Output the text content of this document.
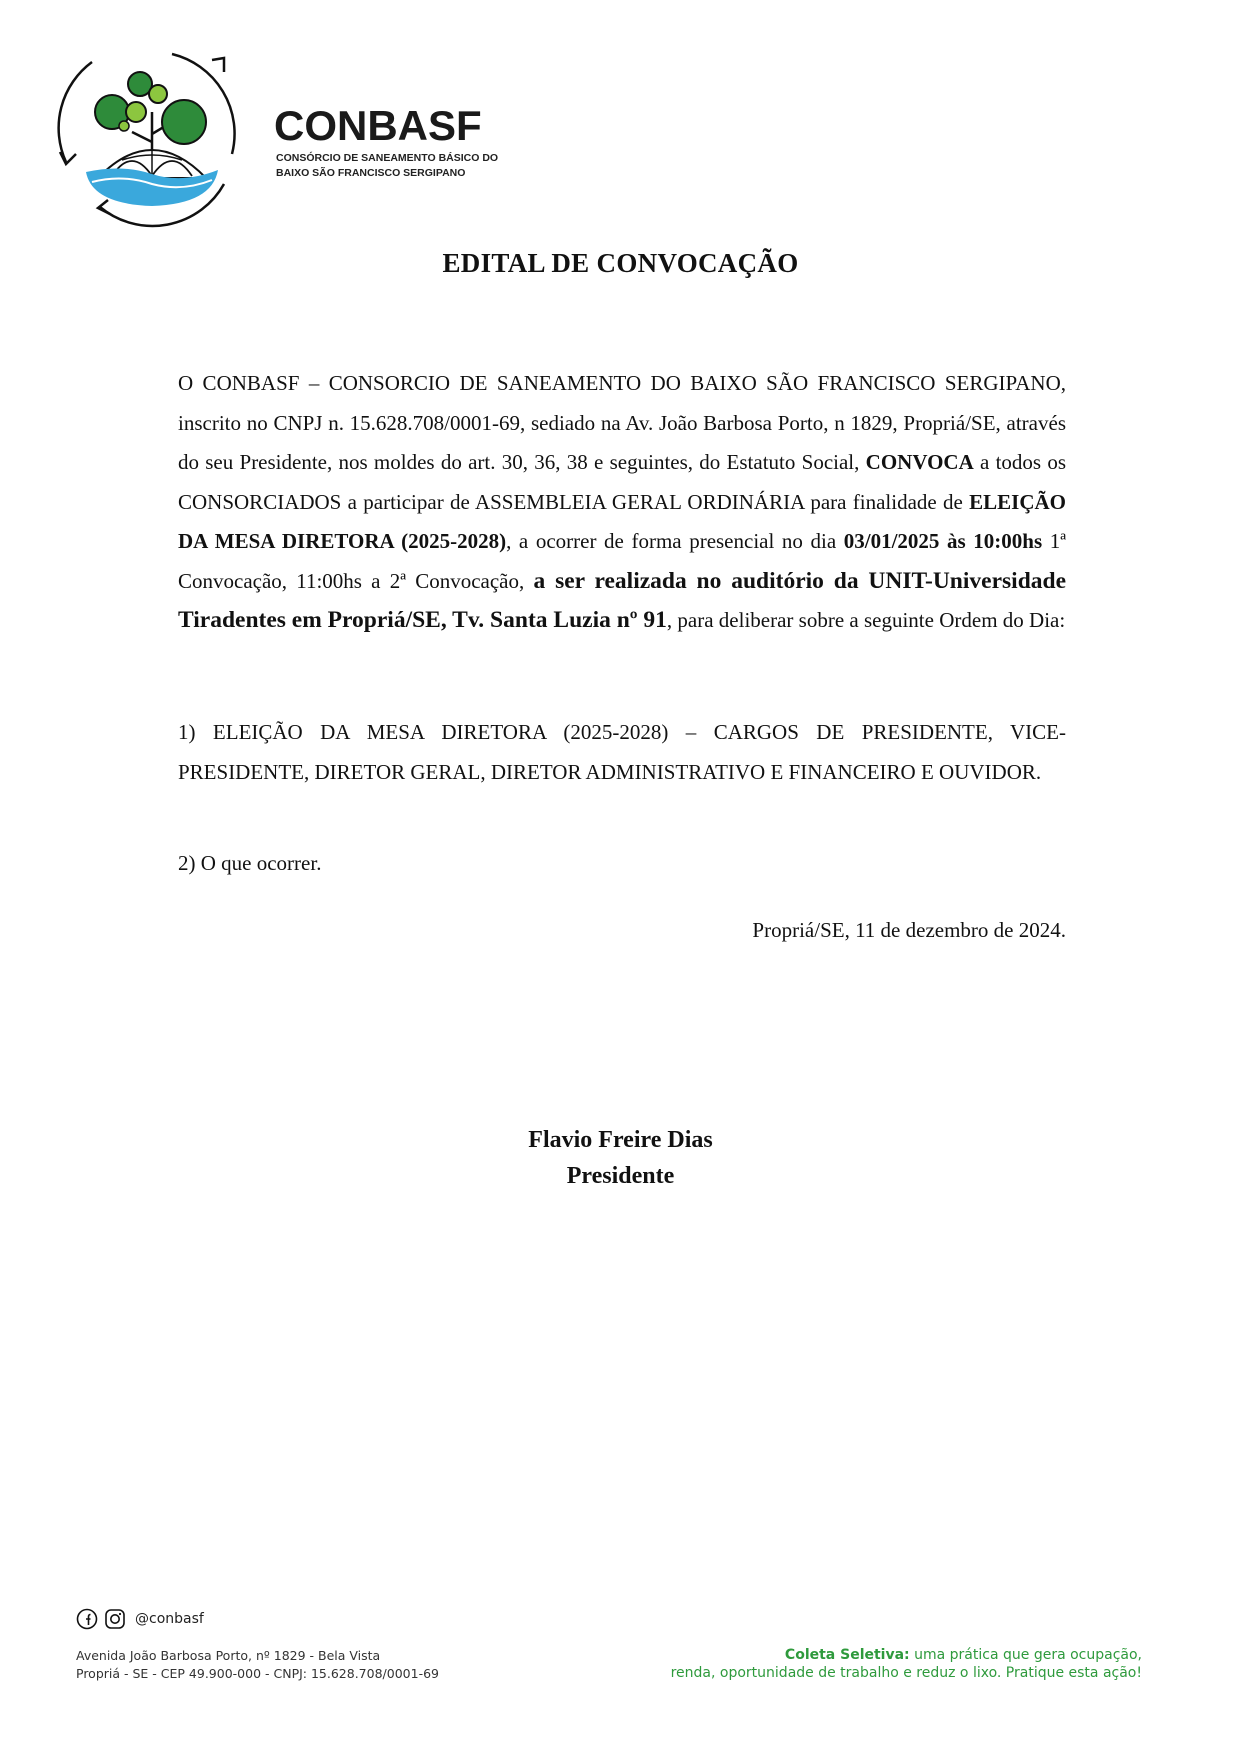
CONBASF
CONSÓRCIO DE SANEAMENTO BÁSICO DO
BAIXO SÃO FRANCISCO SERGIPANO
EDITAL DE CONVOCAÇÃO
O CONBASF – CONSORCIO DE SANEAMENTO DO BAIXO SÃO FRANCISCO SERGIPANO, inscrito no CNPJ n. 15.628.708/0001-69, sediado na Av. João Barbosa Porto, n 1829, Propriá/SE, através do seu Presidente, nos moldes do art. 30, 36, 38 e seguintes, do Estatuto Social, CONVOCA a todos os CONSORCIADOS a participar de ASSEMBLEIA GERAL ORDINÁRIA para finalidade de ELEIÇÃO DA MESA DIRETORA (2025-2028), a ocorrer de forma presencial no dia 03/01/2025 às 10:00hs 1ª Convocação, 11:00hs a 2ª Convocação, a ser realizada no auditório da UNIT-Universidade Tiradentes em Propriá/SE, Tv. Santa Luzia nº 91, para deliberar sobre a seguinte Ordem do Dia:
1) ELEIÇÃO DA MESA DIRETORA (2025-2028) – CARGOS DE PRESIDENTE, VICE-PRESIDENTE, DIRETOR GERAL, DIRETOR ADMINISTRATIVO E FINANCEIRO E OUVIDOR.
2) O que ocorrer.
Propriá/SE, 11 de dezembro de 2024.
Flavio Freire Dias
Presidente
@conbasf
Avenida João Barbosa Porto, nº 1829 - Bela Vista
Propriá - SE - CEP 49.900-000 - CNPJ: 15.628.708/0001-69
Coleta Seletiva: uma prática que gera ocupação,
renda, oportunidade de trabalho e reduz o lixo. Pratique esta ação!
